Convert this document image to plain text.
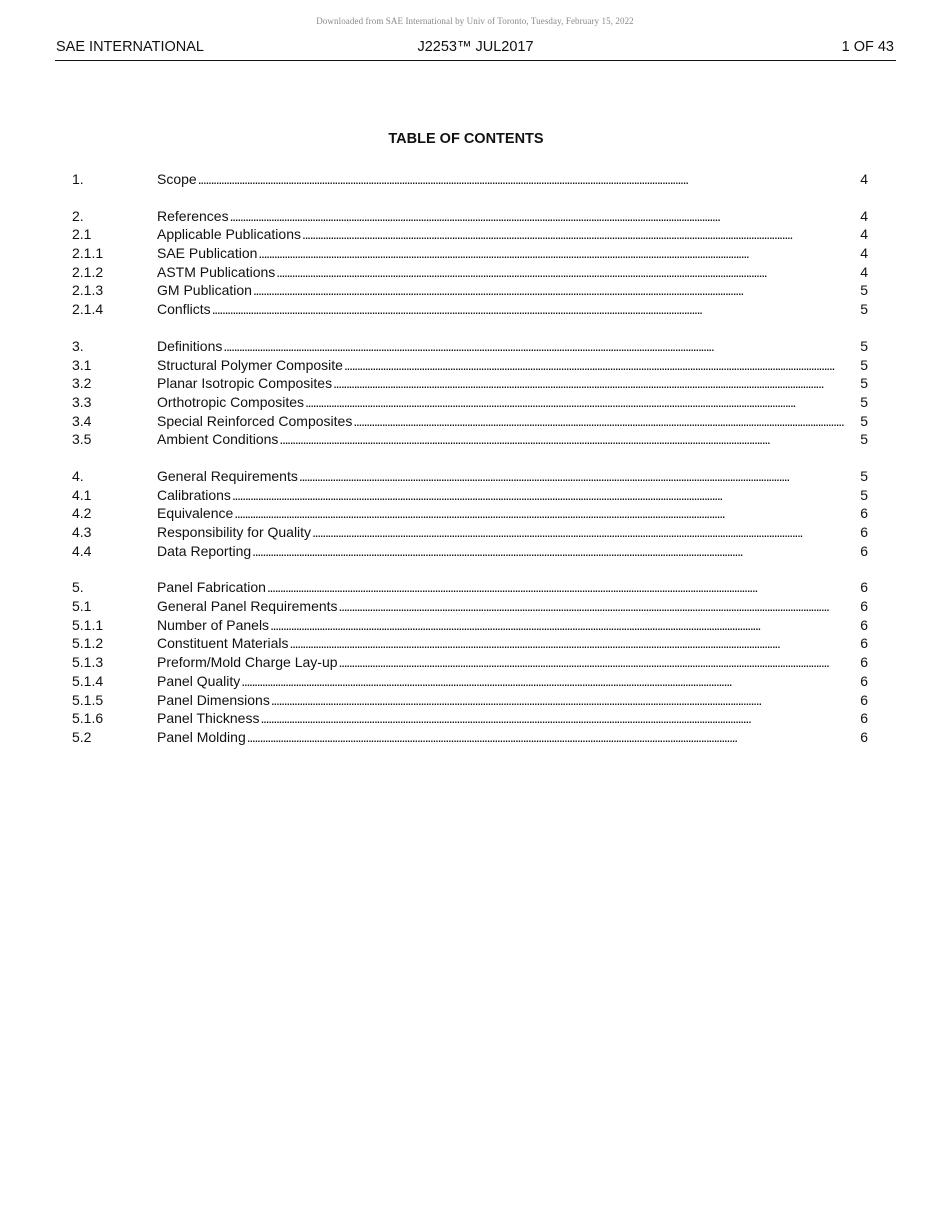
Downloaded from SAE International by Univ of Toronto, Tuesday, February 15, 2022
SAE INTERNATIONAL	J2253™ JUL2017	1 OF 43
TABLE OF CONTENTS
1.	Scope . . .	4
2.	References . . .	4
2.1	Applicable Publications . . .	4
2.1.1	SAE Publication . . .	4
2.1.2	ASTM Publications . . .	4
2.1.3	GM Publication . . .	5
2.1.4	Conflicts . . .	5
3.	Definitions . . .	5
3.1	Structural Polymer Composite . . .	5
3.2	Planar Isotropic Composites . . .	5
3.3	Orthotropic Composites . . .	5
3.4	Special Reinforced Composites . . .	5
3.5	Ambient Conditions . . .	5
4.	General Requirements . . .	5
4.1	Calibrations . . .	5
4.2	Equivalence . . .	6
4.3	Responsibility for Quality . . .	6
4.4	Data Reporting . . .	6
5.	Panel Fabrication . . .	6
5.1	General Panel Requirements . . .	6
5.1.1	Number of Panels . . .	6
5.1.2	Constituent Materials . . .	6
5.1.3	Preform/Mold Charge Lay-up . . .	6
5.1.4	Panel Quality . . .	6
5.1.5	Panel Dimensions . . .	6
5.1.6	Panel Thickness . . .	6
5.2	Panel Molding . . .	6
